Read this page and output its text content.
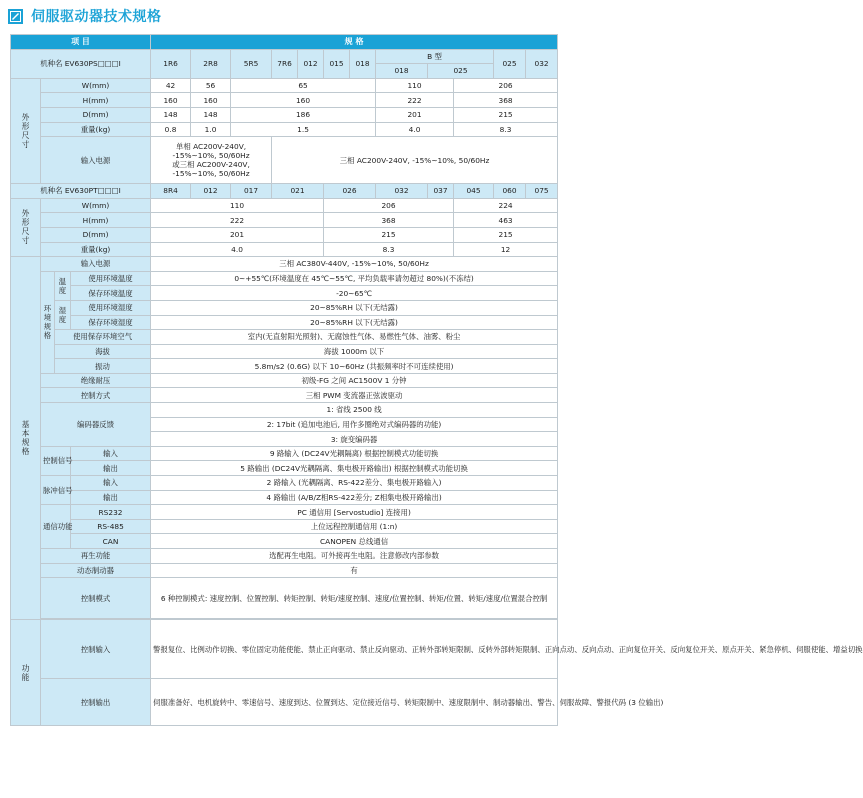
伺服驱动器技术规格
项 目				规 格											
机种名 EV630PS□□□I				1R6	2R8	5R5	7R6	012	015	018	B 型			025	032
											018	025			
外形尺寸	W(mm)			42	56	65					110		206		
	H(mm)			160	160	160					222		368		
	D(mm)			148	148	186					201		215		
	重量(kg)			0.8	1.0	1.5					4.0		8.3		
	输入电源			单相 AC200V-240V,
-15%~10%, 50/60Hz
或三相 AC200V-240V,
-15%~10%, 50/60Hz			三相 AC200V-240V, -15%~10%, 50/60Hz								
机种名 EV630PT□□□I				8R4	012	017	021		026		032	037	045	060	075
外形尺寸	W(mm)			110					206				224		
	H(mm)			222					368				463		
	D(mm)			201					215				215		
	重量(kg)			4.0					8.3				12		
基本规格	输入电源			三相 AC380V-440V, -15%~10%, 50/60Hz											
	环境规格	温度	使用环境温度	0~+55℃(环境温度在 45℃~55℃, 平均负载率请勿超过 80%)(不冻结)											
			保存环境温度	-20~65℃											
		湿度	使用环境湿度	20~85%RH 以下(无结露)											
			保存环境湿度	20~85%RH 以下(无结露)											
		使用保存环境空气		室内(无直射阳光照射)、无腐蚀性气体、易燃性气体、油雾、粉尘											
		海拔		海拔 1000m 以下											
		振动		5.8m/s2 (0.6G) 以下 10~60Hz (共振频率时不可连续使用)											
	绝缘耐压			初级-FG 之间 AC1500V 1 分钟											
	控制方式			三相 PWM 变流器正弦波驱动											
	编码器反馈			1: 省线 2500 线											
				2: 17bit (追加电池后, 用作多圈绝对式编码器的功能)											
				3: 旋变编码器											
	控制信号		输入	9 路输入 (DC24V光耦隔离) 根据控制模式功能切换											
			输出	5 路输出 (DC24V光耦隔离、集电极开路输出) 根据控制模式功能切换											
	脉冲信号		输入	2 路输入 (光耦隔离、RS-422差分、集电极开路输入)											
			输出	4 路输出 (A/B/Z相RS-422差分; Z相集电极开路输出)											
	通信功能		RS232	PC 通信用 [Servostudio] 连接用)											
			RS-485	上位远程控制通信用 (1:n)											
			CAN	CANOPEN 总线通信											
	再生功能			选配再生电阻。可外接再生电阻。注意修改内部参数											
	动态制动器			有											
	控制模式			6 种控制模式: 速度控制、位置控制、转矩控制、转矩/速度控制、速度/位置控制、转矩/位置、转矩/速度/位置混合控制											

功能	控制输入			警报复位、比例动作切换、零位固定功能使能、禁止正向驱动、禁止反向驱动、正转外部转矩限制、反转外部转矩限制、正向点动、反向点动、正向复位开关、反向复位开关、原点开关、紧急停机、伺服使能、增益切换											
	控制输出			伺服准备好、电机旋转中、零速信号、速度到达、位置到达、定位接近信号、转矩限制中、速度限制中、制动器输出、警告、伺服故障、警报代码 (3 位输出)											
